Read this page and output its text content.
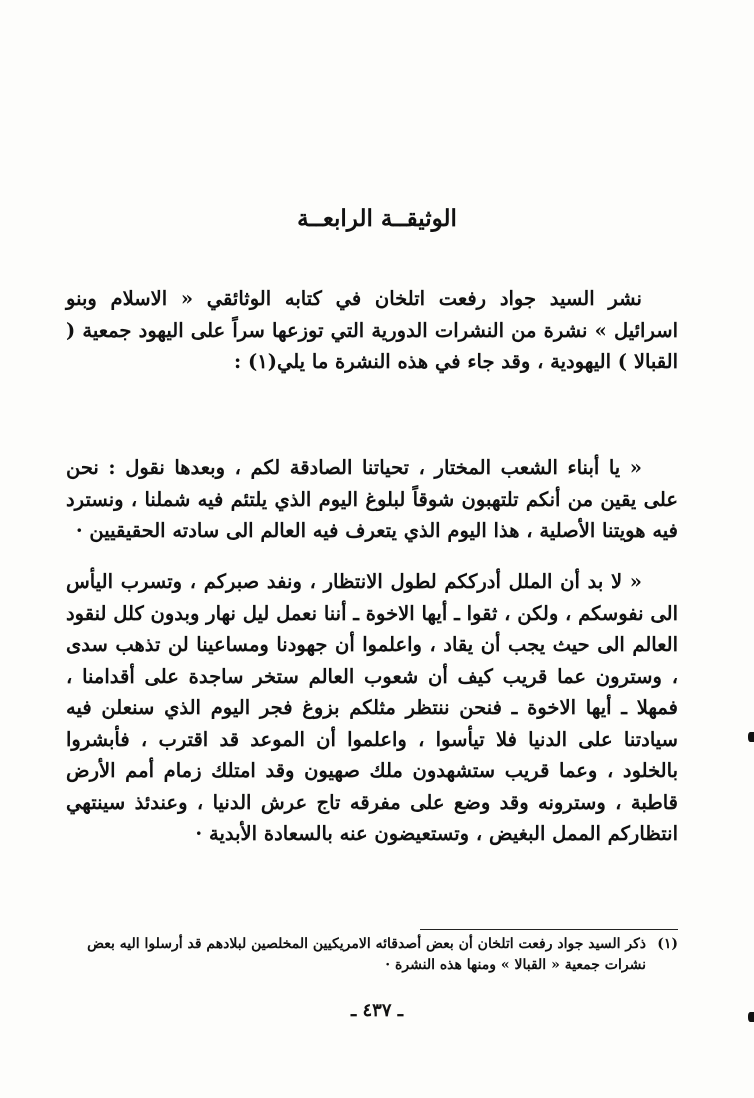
الوثيقــة الرابعــة

نشر السيد جواد رفعت اتلخان في كتابه الوثائقي « الاسلام وبنو اسرائيل » نشرة من النشرات الدورية التي توزعها سراً على اليهود جمعية ( القبالا ) اليهودية ، وقد جاء في هذه النشرة ما يلي(١) :

« يا أبناء الشعب المختار ، تحياتنا الصادقة لكم ، وبعدها نقول : نحن على يقين من أنكم تلتهبون شوقاً لبلوغ اليوم الذي يلتئم فيه شملنا ، ونسترد فيه هويتنا الأصلية ، هذا اليوم الذي يتعرف فيه العالم الى سادته الحقيقيين ·

« لا بد أن الملل أدرككم لطول الانتظار ، ونفد صبركم ، وتسرب اليأس الى نفوسكم ، ولكن ، ثقوا ـ أيها الاخوة ـ أننا نعمل ليل نهار وبدون كلل لنقود العالم الى حيث يجب أن يقاد ، واعلموا أن جهودنا ومساعينا لن تذهب سدى ، وسترون عما قريب كيف أن شعوب العالم ستخر ساجدة على أقدامنا ، فمهلا ـ أيها الاخوة ـ فنحن ننتظر مثلكم بزوغ فجر اليوم الذي سنعلن فيه سيادتنا على الدنيا فلا تيأسوا ، واعلموا أن الموعد قد اقترب ، فأبشروا بالخلود ، وعما قريب ستشهدون ملك صهيون وقد امتلك زمام أمم الأرض قاطبة ، وسترونه وقد وضع على مفرقه تاج عرش الدنيا ، وعندئذ سينتهي انتظاركم الممل البغيض ، وتستعيضون عنه بالسعادة الأبدية ·

(١)
ذكر السيد جواد رفعت اتلخان أن بعض أصدقائه الامريكيين المخلصين لبلادهم قد أرسلوا اليه بعض نشرات جمعية « القبالا » ومنها هذه النشرة ·
ـ ٤٣٧ ـ
